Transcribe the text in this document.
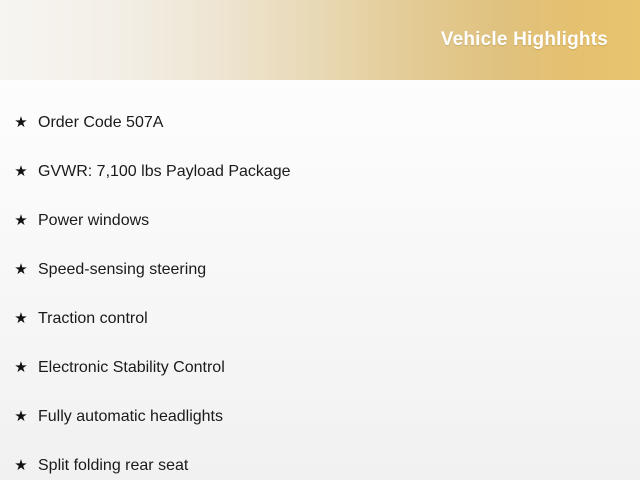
Vehicle Highlights
★ Order Code 507A
★ GVWR: 7,100 lbs Payload Package
★ Power windows
★ Speed-sensing steering
★ Traction control
★ Electronic Stability Control
★ Fully automatic headlights
★ Split folding rear seat
